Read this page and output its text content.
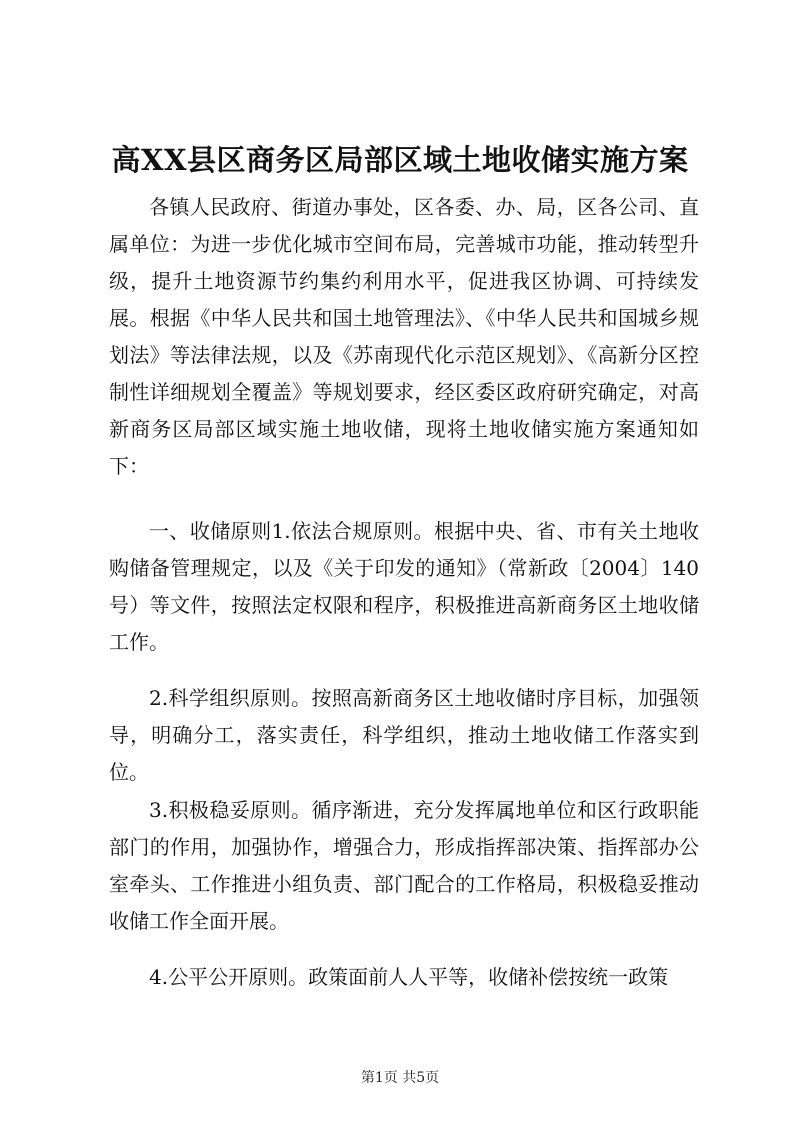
高XX县区商务区局部区域土地收储实施方案

各镇人民政府、街道办事处，区各委、办、局，区各公司、直属单位：为进一步优化城市空间布局，完善城市功能，推动转型升级，提升土地资源节约集约利用水平，促进我区协调、可持续发展。根据《中华人民共和国土地管理法》、《中华人民共和国城乡规划法》等法律法规，以及《苏南现代化示范区规划》、《高新分区控制性详细规划全覆盖》等规划要求，经区委区政府研究确定，对高新商务区局部区域实施土地收储，现将土地收储实施方案通知如下：

一、收储原则1.依法合规原则。根据中央、省、市有关土地收购储备管理规定，以及《关于印发的通知》（常新政〔2004〕140号）等文件，按照法定权限和程序，积极推进高新商务区土地收储工作。

2.科学组织原则。按照高新商务区土地收储时序目标，加强领导，明确分工，落实责任，科学组织，推动土地收储工作落实到位。

3.积极稳妥原则。循序渐进，充分发挥属地单位和区行政职能部门的作用，加强协作，增强合力，形成指挥部决策、指挥部办公室牵头、工作推进小组负责、部门配合的工作格局，积极稳妥推动收储工作全面开展。

4.公平公开原则。政策面前人人平等，收储补偿按统一政策

第1页 共5页
